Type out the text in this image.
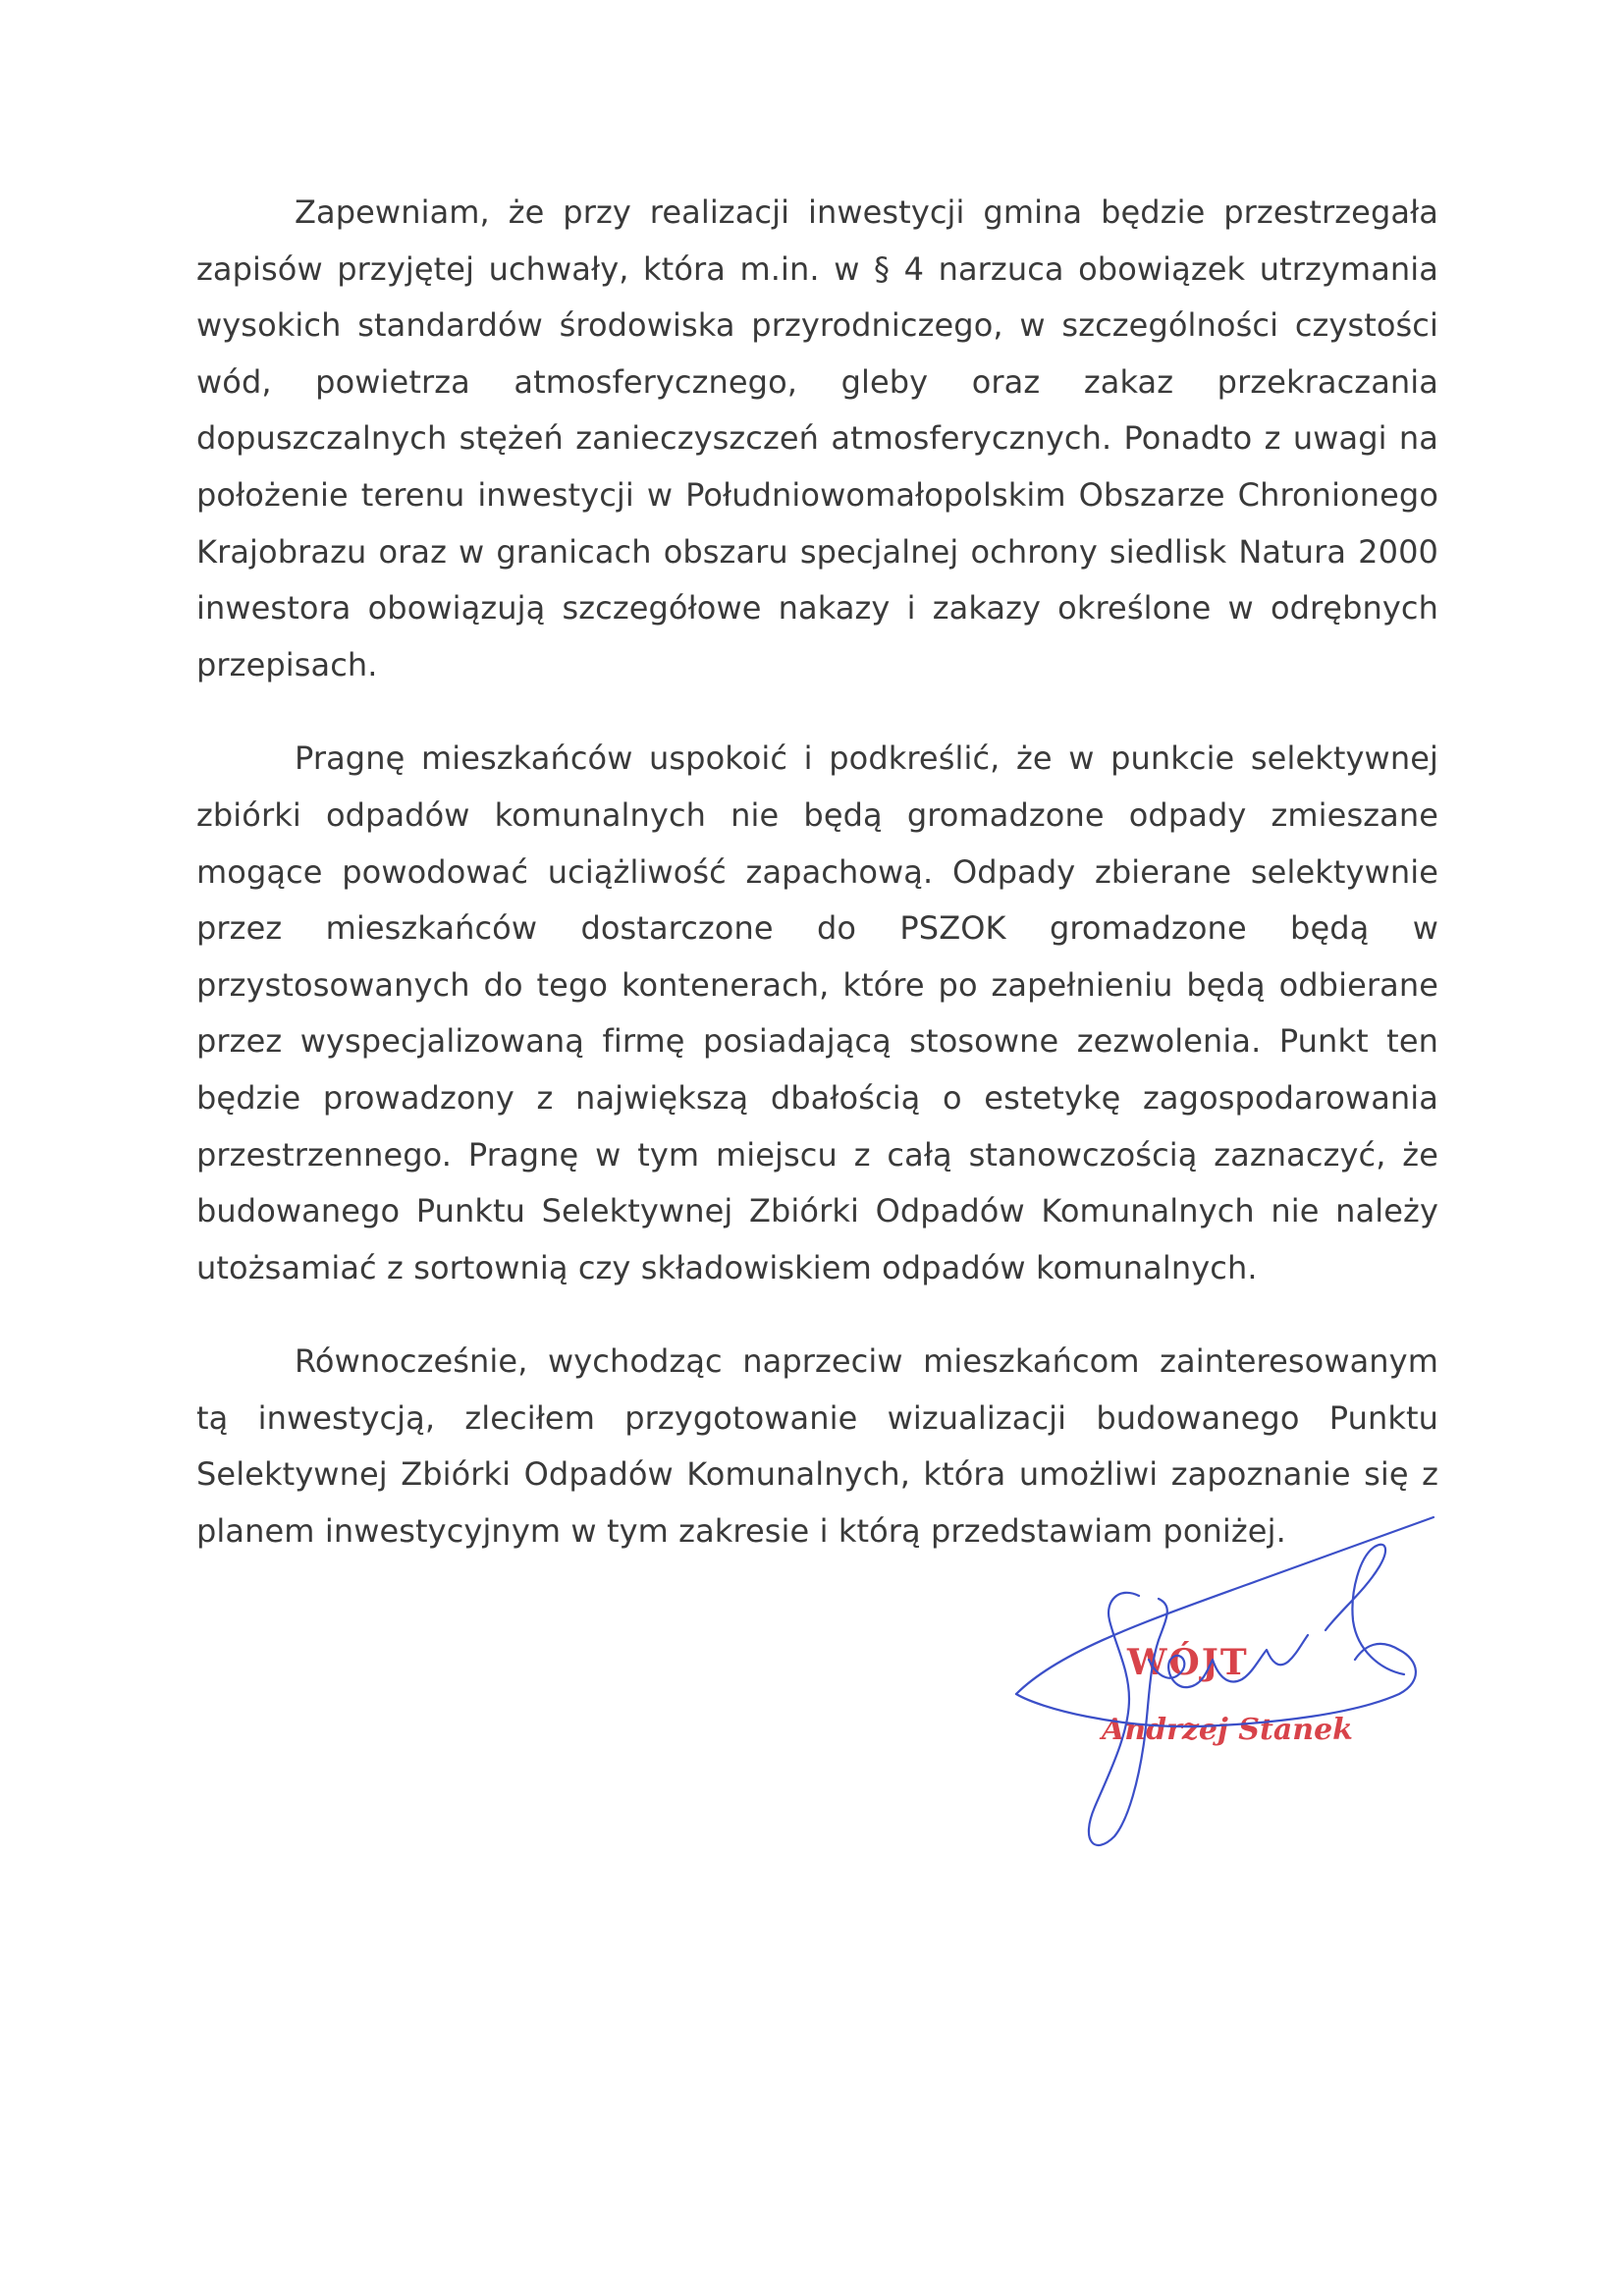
Zapewniam, że przy realizacji inwestycji gmina będzie przestrzegała zapisów przyjętej uchwały, która m.in. w § 4 narzuca obowiązek utrzymania wysokich standardów środowiska przyrodniczego, w szczególności czystości wód, powietrza atmosferycznego, gleby oraz zakaz przekraczania dopuszczalnych stężeń zanieczyszczeń atmosferycznych. Ponadto z uwagi na położenie terenu inwestycji w Południowomałopolskim Obszarze Chronionego Krajobrazu oraz w granicach obszaru specjalnej ochrony siedlisk Natura 2000 inwestora obowiązują szczegółowe nakazy i zakazy określone w odrębnych przepisach.

Pragnę mieszkańców uspokoić i podkreślić, że w punkcie selektywnej zbiórki odpadów komunalnych nie będą gromadzone odpady zmieszane mogące powodować uciążliwość zapachową. Odpady zbierane selektywnie przez mieszkańców dostarczone do PSZOK gromadzone będą w przystosowanych do tego kontenerach, które po zapełnieniu będą odbierane przez wyspecjalizowaną firmę posiadającą stosowne zezwolenia. Punkt ten będzie prowadzony z największą dbałością o estetykę zagospodarowania przestrzennego. Pragnę w tym miejscu z całą stanowczością zaznaczyć, że budowanego Punktu Selektywnej Zbiórki Odpadów Komunalnych nie należy utożsamiać z sortownią czy składowiskiem odpadów komunalnych.

Równocześnie, wychodząc naprzeciw mieszkańcom zainteresowanym tą inwestycją, zleciłem przygotowanie wizualizacji budowanego Punktu Selektywnej Zbiórki Odpadów Komunalnych, która umożliwi zapoznanie się z planem inwestycyjnym w tym zakresie i którą przedstawiam poniżej.

WÓJT
Andrzej Stanek
